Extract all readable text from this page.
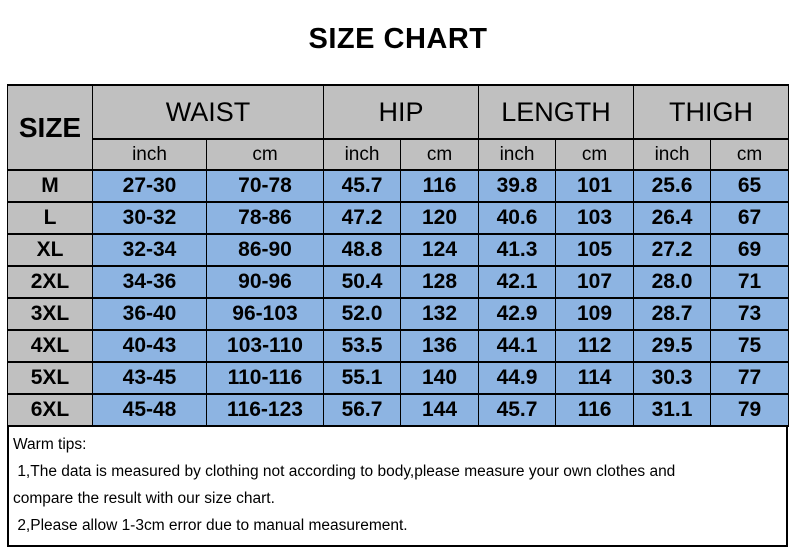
SIZE CHART
SIZE	WAIST		HIP		LENGTH		THIGH	
	inch	cm	inch	cm	inch	cm	inch	cm
M	27-30	70-78	45.7	116	39.8	101	25.6	65
L	30-32	78-86	47.2	120	40.6	103	26.4	67
XL	32-34	86-90	48.8	124	41.3	105	27.2	69
2XL	34-36	90-96	50.4	128	42.1	107	28.0	71
3XL	36-40	96-103	52.0	132	42.9	109	28.7	73
4XL	40-43	103-110	53.5	136	44.1	112	29.5	75
5XL	43-45	110-116	55.1	140	44.9	114	30.3	77
6XL	45-48	116-123	56.7	144	45.7	116	31.1	79
Warm tips:
1,The data is measured by clothing not according to body,please measure your own clothes and
compare the result with our size chart.
2,Please allow 1-3cm error due to manual measurement.
